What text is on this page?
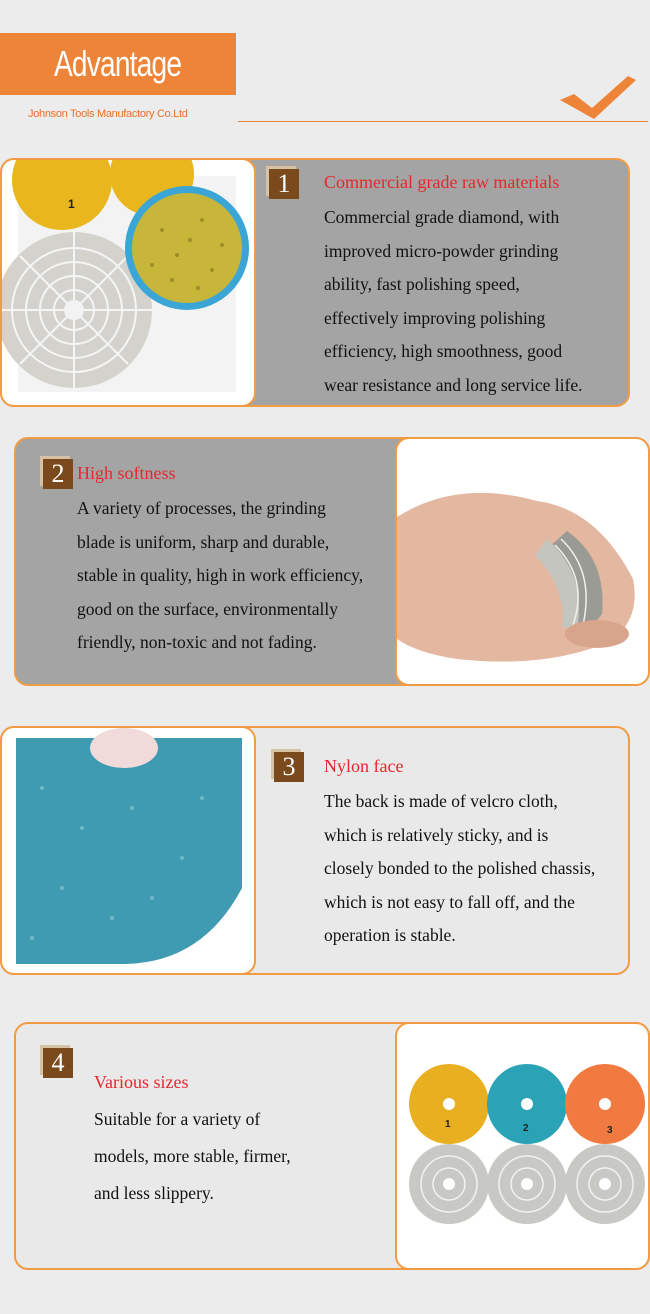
Advantage
Johnson Tools Manufactory Co.Ltd
1
1	Commercial grade raw materials
Commercial grade diamond, with
improved micro-powder grinding
ability, fast polishing speed,
effectively improving polishing
efficiency, high smoothness, good
wear resistance and long service life.
2 High softness
A variety of processes, the grinding
blade is uniform, sharp and durable,
stable in quality, high in work efficiency,
good on the surface, environmentally
friendly, non-toxic and not fading.
3	Nylon face
The back is made of velcro cloth,
which is relatively sticky, and is
closely bonded to the polished chassis,
which is not easy to fall off, and the
operation is stable.
1	2	3
4
Various sizes
Suitable for a variety of
models, more stable, firmer,
and less slippery.
